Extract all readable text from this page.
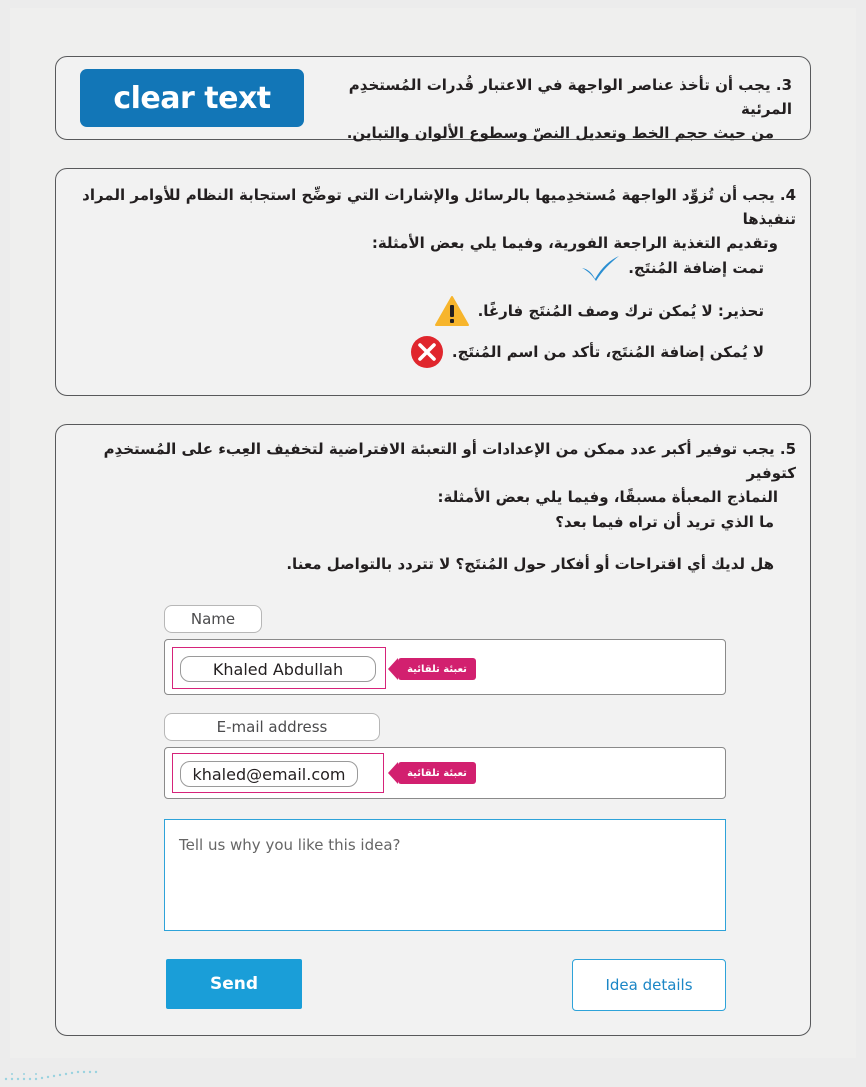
clear text	3. يجب أن تأخذ عناصر الواجهة في الاعتبار قُدرات المُستخدِم المرئية
من حيث حجم الخط وتعديل النصّ وسطوع الألوان والتباين.
4. يجب أن تُزوِّد الواجهة مُستخدِميها بالرسائل والإشارات التي توضِّح استجابة النظام للأوامر المراد تنفيذها
وتقديم التغذية الراجعة الفورية، وفيما يلي بعض الأمثلة:
تمت إضافة المُنتَج.
تحذير: لا يُمكن ترك وصف المُنتَج فارغًا.
لا يُمكن إضافة المُنتَج، تأكد من اسم المُنتَج.
5. يجب توفير أكبر عدد ممكن من الإعدادات أو التعبئة الافتراضية لتخفيف العِبء على المُستخدِم كتوفير
النماذج المعبأة مسبقًا، وفيما يلي بعض الأمثلة:
ما الذي تريد أن تراه فيما بعد؟
هل لديك أي اقتراحات أو أفكار حول المُنتَج؟ لا تتردد بالتواصل معنا.
Name
Khaled Abdullah	تعبئة تلقائية
E-mail address
khaled@email.com	تعبئة تلقائية
Tell us why you like this idea?
Send	Idea details
